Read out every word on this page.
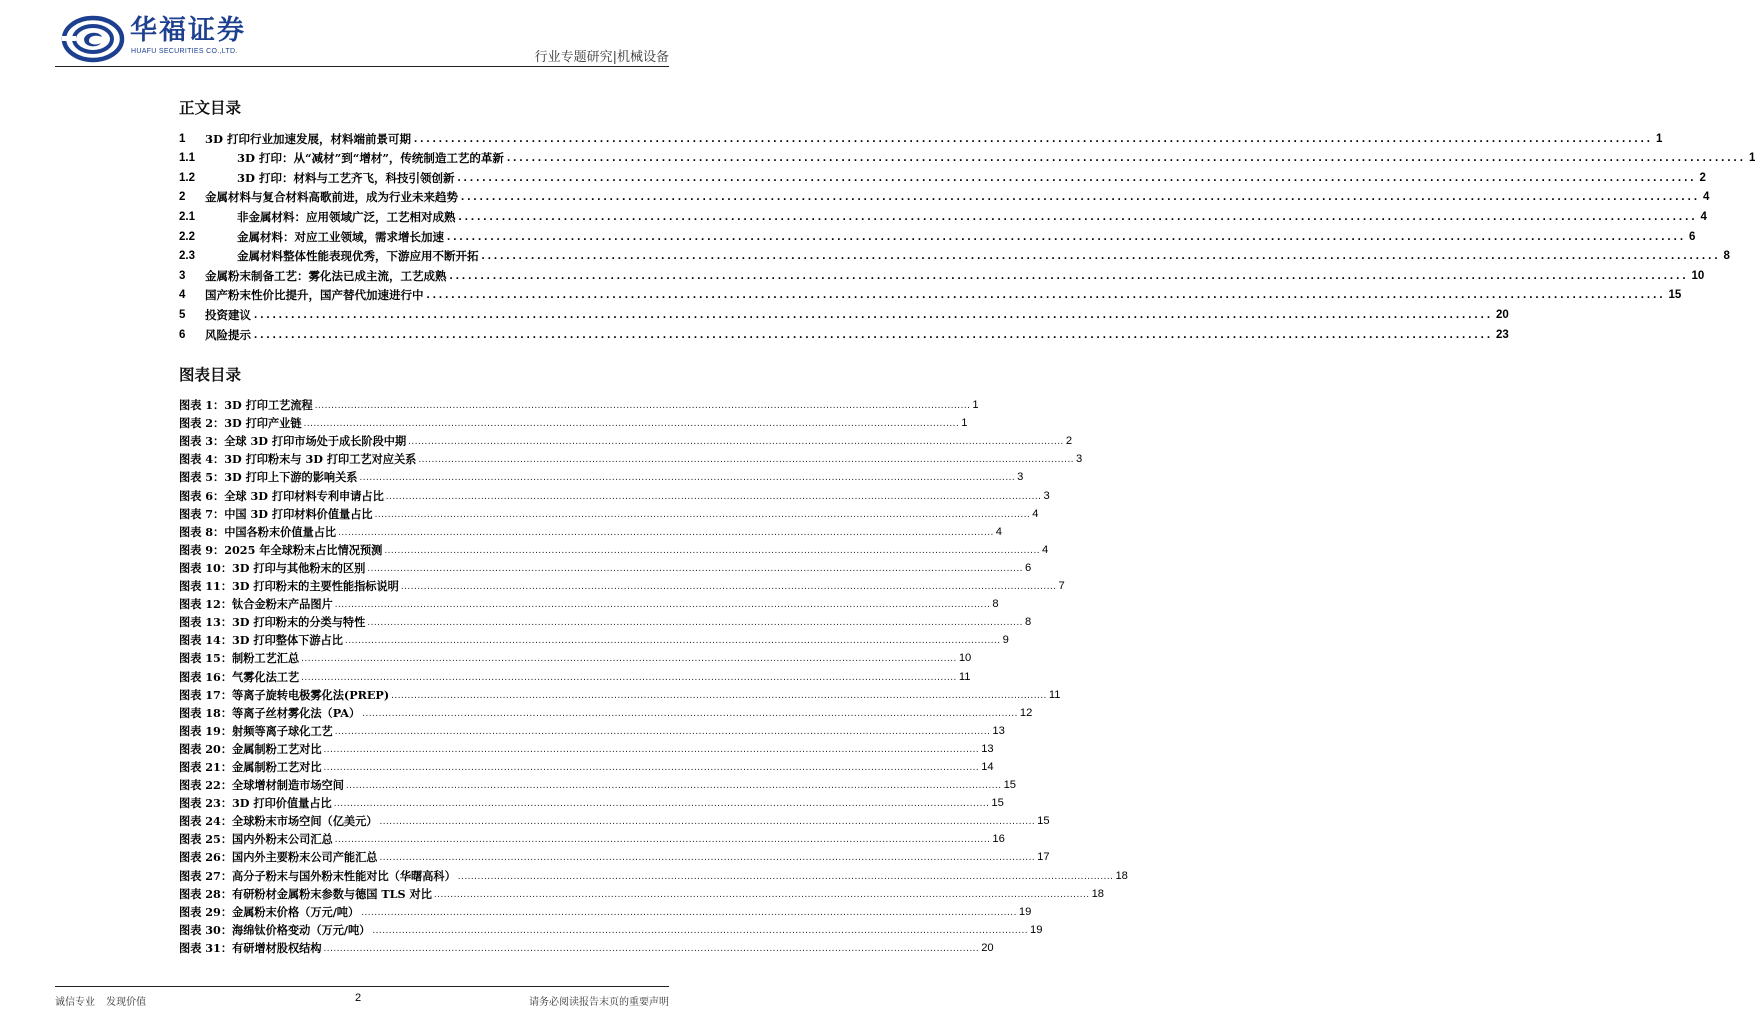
华福证券
HUAFU SECURITIES CO.,LTD.	行业专题研究|机械设备
正文目录
1	3D 打印行业加速发展，材料端前景可期 ........................................................................................................................................................................................................ 1
1.1	3D 打印：从“减材”到“增材”，传统制造工艺的革新 ........................................................................................................................................................................................................ 1
1.2	3D 打印：材料与工艺齐飞，科技引领创新 ........................................................................................................................................................................................................ 2
2	金属材料与复合材料高歌前进，成为行业未来趋势 ........................................................................................................................................................................................................ 4
2.1	非金属材料：应用领域广泛，工艺相对成熟 ........................................................................................................................................................................................................ 4
2.2	金属材料：对应工业领域，需求增长加速 ........................................................................................................................................................................................................ 6
2.3	金属材料整体性能表现优秀，下游应用不断开拓 ........................................................................................................................................................................................................ 8
3	金属粉末制备工艺：雾化法已成主流，工艺成熟 ........................................................................................................................................................................................................ 10
4	国产粉末性价比提升，国产替代加速进行中 ........................................................................................................................................................................................................ 15
5	投资建议 ........................................................................................................................................................................................................ 20
6	风险提示 ........................................................................................................................................................................................................ 23
图表目录
图表 1：3D 打印工艺流程 ........................................................................................................................................................................................................ 1
图表 2：3D 打印产业链 ........................................................................................................................................................................................................ 1
图表 3：全球 3D 打印市场处于成长阶段中期 ........................................................................................................................................................................................................ 2
图表 4：3D 打印粉末与 3D 打印工艺对应关系 ........................................................................................................................................................................................................ 3
图表 5：3D 打印上下游的影响关系 ........................................................................................................................................................................................................ 3
图表 6：全球 3D 打印材料专利申请占比 ........................................................................................................................................................................................................ 3
图表 7：中国 3D 打印材料价值量占比 ........................................................................................................................................................................................................ 4
图表 8：中国各粉末价值量占比 ........................................................................................................................................................................................................ 4
图表 9：2025 年全球粉末占比情况预测 ........................................................................................................................................................................................................ 4
图表 10：3D 打印与其他粉末的区别 ........................................................................................................................................................................................................ 6
图表 11：3D 打印粉末的主要性能指标说明 ........................................................................................................................................................................................................ 7
图表 12：钛合金粉末产品图片 ........................................................................................................................................................................................................ 8
图表 13：3D 打印粉末的分类与特性 ........................................................................................................................................................................................................ 8
图表 14：3D 打印整体下游占比 ........................................................................................................................................................................................................ 9
图表 15：制粉工艺汇总 ........................................................................................................................................................................................................ 10
图表 16：气雾化法工艺 ........................................................................................................................................................................................................ 11
图表 17：等离子旋转电极雾化法(PREP) ........................................................................................................................................................................................................ 11
图表 18：等离子丝材雾化法（PA） ........................................................................................................................................................................................................ 12
图表 19：射频等离子球化工艺 ........................................................................................................................................................................................................ 13
图表 20：金属制粉工艺对比 ........................................................................................................................................................................................................ 13
图表 21：金属制粉工艺对比 ........................................................................................................................................................................................................ 14
图表 22：全球增材制造市场空间 ........................................................................................................................................................................................................ 15
图表 23：3D 打印价值量占比 ........................................................................................................................................................................................................ 15
图表 24：全球粉末市场空间（亿美元） ........................................................................................................................................................................................................ 15
图表 25：国内外粉末公司汇总 ........................................................................................................................................................................................................ 16
图表 26：国内外主要粉末公司产能汇总 ........................................................................................................................................................................................................ 17
图表 27：高分子粉末与国外粉末性能对比（华曙高科） ........................................................................................................................................................................................................ 18
图表 28：有研粉材金属粉末参数与德国 TLS 对比 ........................................................................................................................................................................................................ 18
图表 29：金属粉末价格（万元/吨） ........................................................................................................................................................................................................ 19
图表 30：海绵钛价格变动（万元/吨） ........................................................................................................................................................................................................ 19
图表 31：有研增材股权结构 ........................................................................................................................................................................................................ 20
诚信专业 发现价值	2	请务必阅读报告末页的重要声明
